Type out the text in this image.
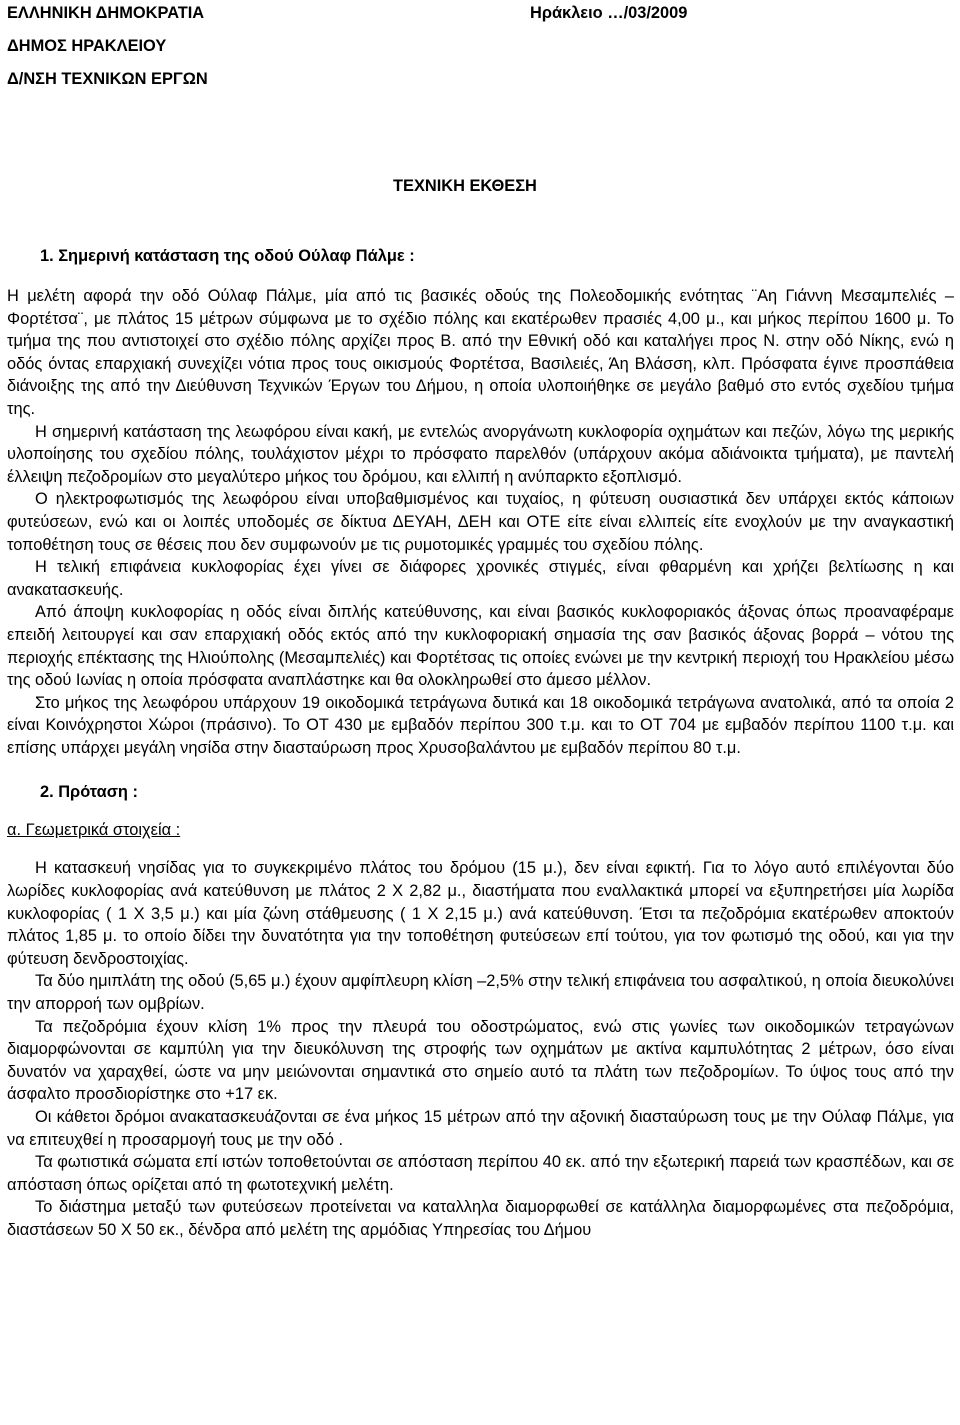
ΕΛΛΗΝΙΚΗ ΔΗΜΟΚΡΑΤΙΑ
ΔΗΜΟΣ ΗΡΑΚΛΕΙΟΥ
Δ/ΝΣΗ ΤΕΧΝΙΚΩΝ ΕΡΓΩΝ
Ηράκλειο …/03/2009
ΤΕΧΝΙΚΗ ΕΚΘΕΣΗ
1. Σημερινή κατάσταση της οδού Ούλαφ Πάλμε :

Η μελέτη αφορά την οδό Ούλαφ Πάλμε, μία από τις βασικές οδούς της Πολεοδομικής ενότητας ¨Αη Γιάννη Μεσαμπελιές – Φορτέτσα¨, με πλάτος 15 μέτρων σύμφωνα με το σχέδιο πόλης και εκατέρωθεν πρασιές 4,00 μ., και μήκος περίπου 1600 μ. Το τμήμα της που αντιστοιχεί στο σχέδιο πόλης αρχίζει προς Β. από την Εθνική οδό και καταλήγει προς Ν. στην οδό Νίκης, ενώ η οδός όντας επαρχιακή συνεχίζει νότια προς τους οικισμούς Φορτέτσα, Βασιλειές, Άη Βλάσση, κλπ. Πρόσφατα έγινε προσπάθεια διάνοιξης της από την Διεύθυνση Τεχνικών Έργων του Δήμου, η οποία υλοποιήθηκε σε μεγάλο βαθμό στο εντός σχεδίου τμήμα της.

Η σημερινή κατάσταση της λεωφόρου είναι κακή, με εντελώς ανοργάνωτη κυκλοφορία οχημάτων και πεζών, λόγω της μερικής υλοποίησης του σχεδίου πόλης, τουλάχιστον μέχρι το πρόσφατο παρελθόν (υπάρχουν ακόμα αδιάνοικτα τμήματα), με παντελή έλλειψη πεζοδρομίων στο μεγαλύτερο μήκος του δρόμου, και ελλιπή η ανύπαρκτο εξοπλισμό.

Ο ηλεκτροφωτισμός της λεωφόρου είναι υποβαθμισμένος και τυχαίος, η φύτευση ουσιαστικά δεν υπάρχει εκτός κάποιων φυτεύσεων, ενώ και οι λοιπές υποδομές σε δίκτυα ΔΕΥΑΗ, ΔΕΗ και ΟΤΕ είτε είναι ελλιπείς είτε ενοχλούν με την αναγκαστική τοποθέτηση τους σε θέσεις που δεν συμφωνούν με τις ρυμοτομικές γραμμές του σχεδίου πόλης.

Η τελική επιφάνεια κυκλοφορίας έχει γίνει σε διάφορες χρονικές στιγμές, είναι φθαρμένη και χρήζει βελτίωσης η και ανακατασκευής.

Από άποψη κυκλοφορίας η οδός είναι διπλής κατεύθυνσης, και είναι βασικός κυκλοφοριακός άξονας όπως προαναφέραμε επειδή λειτουργεί και σαν επαρχιακή οδός εκτός από την κυκλοφοριακή σημασία της σαν βασικός άξονας βορρά – νότου της περιοχής επέκτασης της Ηλιούπολης (Μεσαμπελιές) και Φορτέτσας τις οποίες ενώνει με την κεντρική περιοχή του Ηρακλείου μέσω της οδού Ιωνίας η οποία πρόσφατα αναπλάστηκε και θα ολοκληρωθεί στο άμεσο μέλλον.

Στο μήκος της λεωφόρου υπάρχουν 19 οικοδομικά τετράγωνα δυτικά και 18 οικοδομικά τετράγωνα ανατολικά, από τα οποία 2 είναι Κοινόχρηστοι Χώροι (πράσινο). Το ΟΤ 430 με εμβαδόν περίπου 300 τ.μ. και το ΟΤ 704 με εμβαδόν περίπου 1100 τ.μ. και επίσης υπάρχει μεγάλη νησίδα στην διασταύρωση προς Χρυσοβαλάντου με εμβαδόν περίπου 80 τ.μ.

2. Πρόταση :
α. Γεωμετρικά στοιχεία :

Η κατασκευή νησίδας για το συγκεκριμένο πλάτος του δρόμου (15 μ.), δεν είναι εφικτή. Για το λόγο αυτό επιλέγονται δύο λωρίδες κυκλοφορίας ανά κατεύθυνση με πλάτος 2 Χ 2,82 μ., διαστήματα που εναλλακτικά μπορεί να εξυπηρετήσει μία λωρίδα κυκλοφορίας ( 1 Χ 3,5 μ.) και μία ζώνη στάθμευσης ( 1 Χ 2,15 μ.) ανά κατεύθυνση. Έτσι τα πεζοδρόμια εκατέρωθεν αποκτούν πλάτος 1,85 μ. το οποίο δίδει την δυνατότητα για την τοποθέτηση φυτεύσεων επί τούτου, για τον φωτισμό της οδού, και για την φύτευση δενδροστοιχίας.

Τα δύο ημιπλάτη της οδού (5,65 μ.) έχουν αμφίπλευρη κλίση –2,5% στην τελική επιφάνεια του ασφαλτικού, η οποία διευκολύνει την απορροή των ομβρίων.

Τα πεζοδρόμια έχουν κλίση 1% προς την πλευρά του οδοστρώματος, ενώ στις γωνίες των οικοδομικών τετραγώνων διαμορφώνονται σε καμπύλη για την διευκόλυνση της στροφής των οχημάτων με ακτίνα καμπυλότητας 2 μέτρων, όσο είναι δυνατόν να χαραχθεί, ώστε να μην μειώνονται σημαντικά στο σημείο αυτό τα πλάτη των πεζοδρομίων. Το ύψος τους από την άσφαλτο προσδιορίστηκε στο +17 εκ.

Οι κάθετοι δρόμοι ανακατασκευάζονται σε ένα μήκος 15 μέτρων από την αξονική διασταύρωση τους με την Ούλαφ Πάλμε, για να επιτευχθεί η προσαρμογή τους με την οδό .

Τα φωτιστικά σώματα επί ιστών τοποθετούνται σε απόσταση περίπου 40 εκ. από την εξωτερική παρειά των κρασπέδων, και σε απόσταση όπως ορίζεται από τη φωτοτεχνική μελέτη.

Το διάστημα μεταξύ των φυτεύσεων προτείνεται να καταλληλα διαμορφωθεί σε κατάλληλα διαμορφωμένες στα πεζοδρόμια, διαστάσεων 50 Χ 50 εκ., δένδρα από μελέτη της αρμόδιας Υπηρεσίας του Δήμου
